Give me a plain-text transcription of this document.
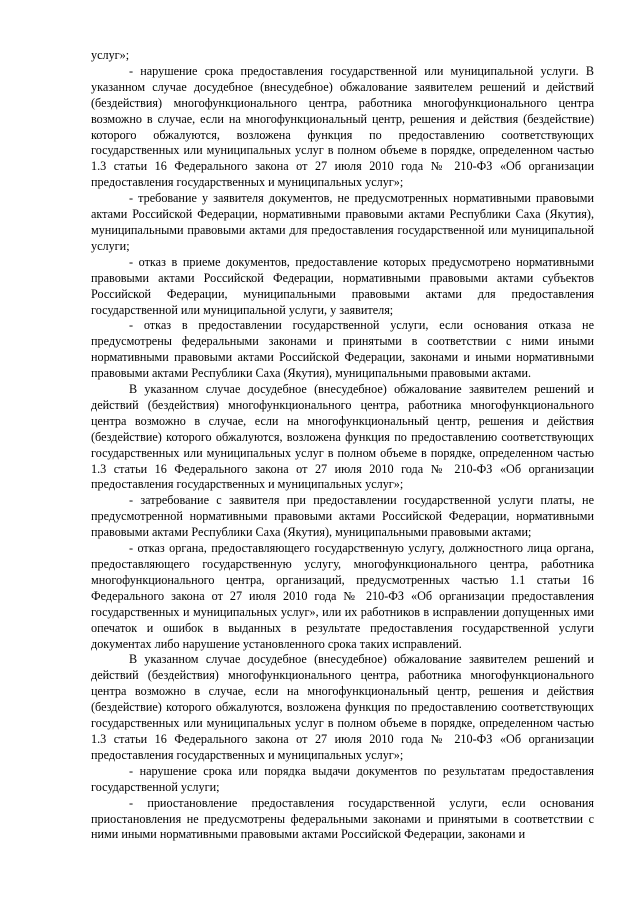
услуг»;

- нарушение срока предоставления государственной или муниципальной услуги. В указанном случае досудебное (внесудебное) обжалование заявителем решений и действий (бездействия) многофункционального центра, работника многофункционального центра возможно в случае, если на многофункциональный центр, решения и действия (бездействие) которого обжалуются, возложена функция по предоставлению соответствующих государственных или муниципальных услуг в полном объеме в порядке, определенном частью 1.3 статьи 16 Федерального закона от 27 июля 2010 года № 210-ФЗ «Об организации предоставления государственных и муниципальных услуг»;

- требование у заявителя документов, не предусмотренных нормативными правовыми актами Российской Федерации, нормативными правовыми актами Республики Саха (Якутия), муниципальными правовыми актами для предоставления государственной или муниципальной услуги;

- отказ в приеме документов, предоставление которых предусмотрено нормативными правовыми актами Российской Федерации, нормативными правовыми актами субъектов Российской Федерации, муниципальными правовыми актами для предоставления государственной или муниципальной услуги, у заявителя;

- отказ в предоставлении государственной услуги, если основания отказа не предусмотрены федеральными законами и принятыми в соответствии с ними иными нормативными правовыми актами Российской Федерации, законами и иными нормативными правовыми актами Республики Саха (Якутия), муниципальными правовыми актами.

В указанном случае досудебное (внесудебное) обжалование заявителем решений и действий (бездействия) многофункционального центра, работника многофункционального центра возможно в случае, если на многофункциональный центр, решения и действия (бездействие) которого обжалуются, возложена функция по предоставлению соответствующих государственных или муниципальных услуг в полном объеме в порядке, определенном частью 1.3 статьи 16 Федерального закона от 27 июля 2010 года № 210-ФЗ «Об организации предоставления государственных и муниципальных услуг»;

- затребование с заявителя при предоставлении государственной услуги платы, не предусмотренной нормативными правовыми актами Российской Федерации, нормативными правовыми актами Республики Саха (Якутия), муниципальными правовыми актами;

- отказ органа, предоставляющего государственную услугу, должностного лица органа, предоставляющего государственную услугу, многофункционального центра, работника многофункционального центра, организаций, предусмотренных частью 1.1 статьи 16 Федерального закона от 27 июля 2010 года № 210-ФЗ «Об организации предоставления государственных и муниципальных услуг», или их работников в исправлении допущенных ими опечаток и ошибок в выданных в результате предоставления государственной услуги документах либо нарушение установленного срока таких исправлений.

В указанном случае досудебное (внесудебное) обжалование заявителем решений и действий (бездействия) многофункционального центра, работника многофункционального центра возможно в случае, если на многофункциональный центр, решения и действия (бездействие) которого обжалуются, возложена функция по предоставлению соответствующих государственных или муниципальных услуг в полном объеме в порядке, определенном частью 1.3 статьи 16 Федерального закона от 27 июля 2010 года № 210-ФЗ «Об организации предоставления государственных и муниципальных услуг»;

- нарушение срока или порядка выдачи документов по результатам предоставления государственной услуги;

- приостановление предоставления государственной услуги, если основания приостановления не предусмотрены федеральными законами и принятыми в соответствии с ними иными нормативными правовыми актами Российской Федерации, законами и
